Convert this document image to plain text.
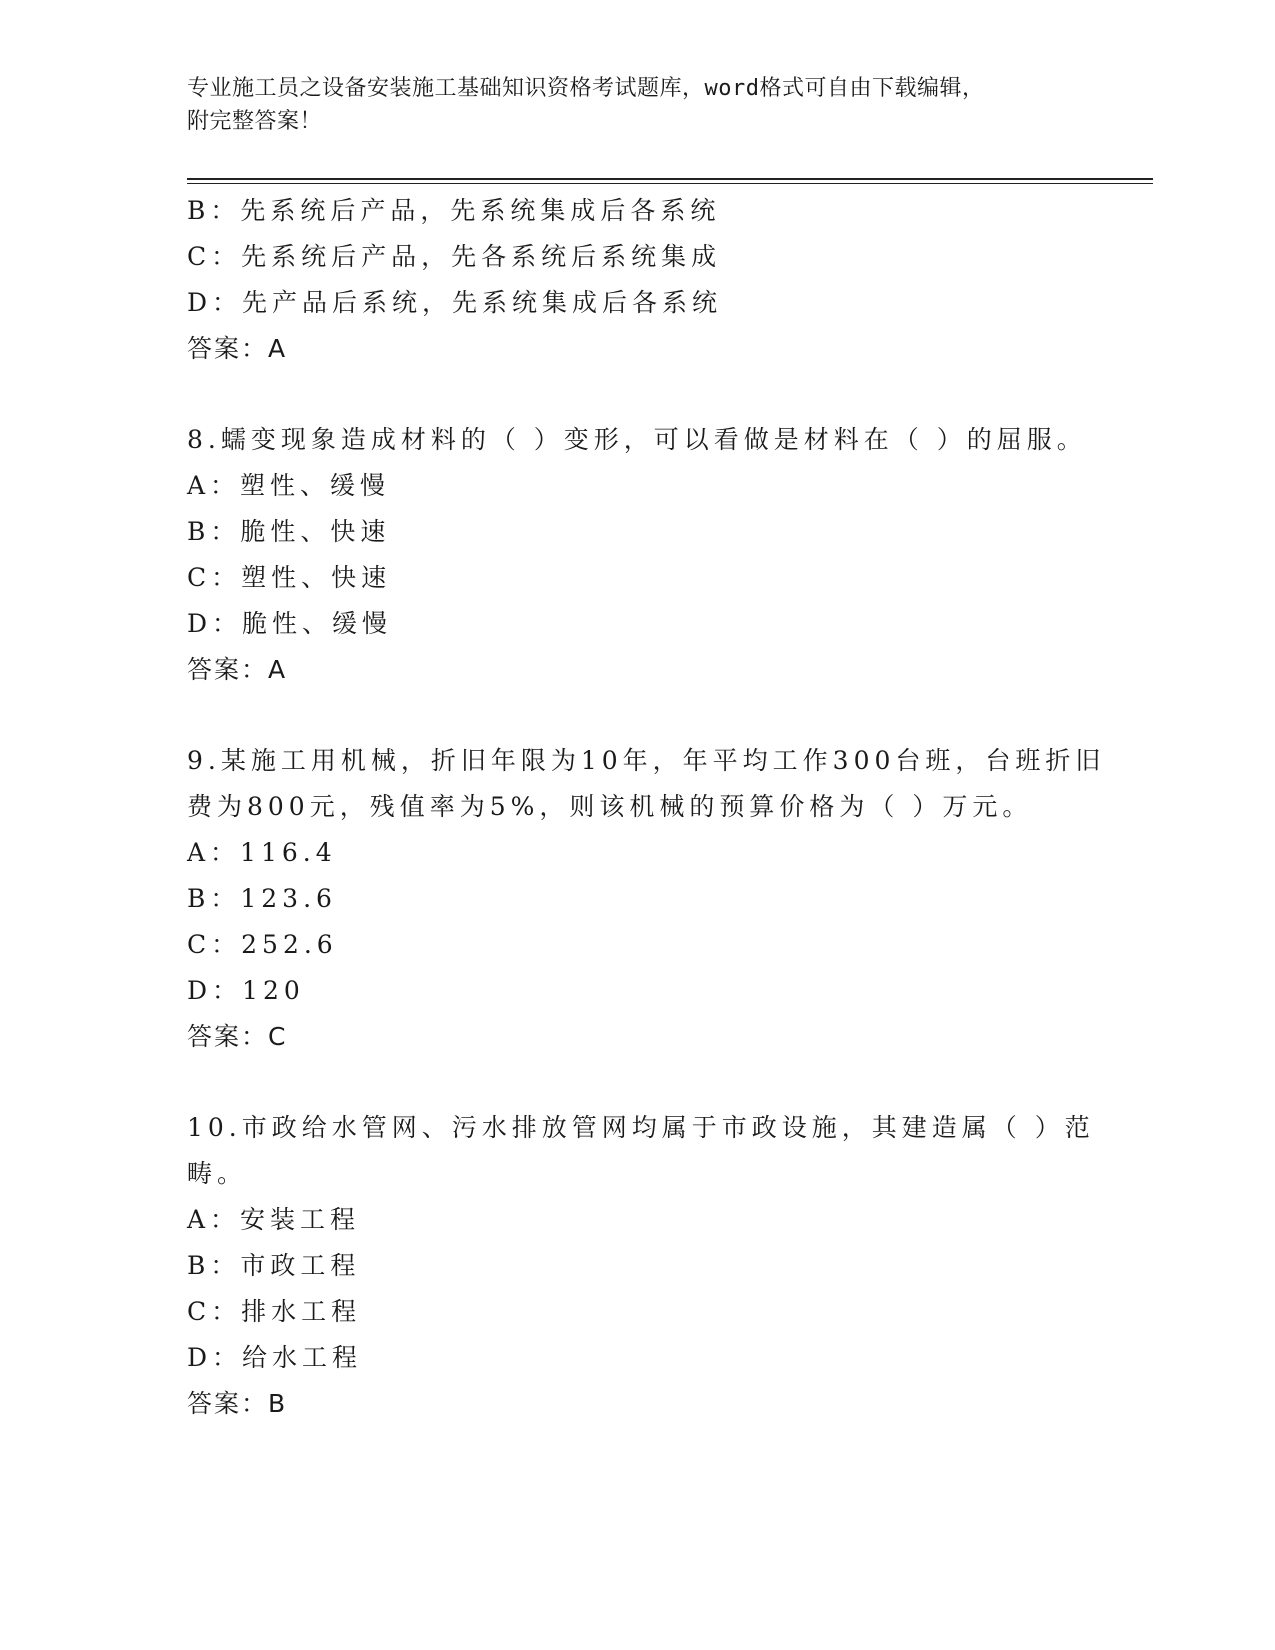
专业施工员之设备安装施工基础知识资格考试题库，word格式可自由下载编辑，
附完整答案！
B：先系统后产品，先系统集成后各系统
C：先系统后产品，先各系统后系统集成
D：先产品后系统，先系统集成后各系统
答案：A
8.蠕变现象造成材料的（ ）变形，可以看做是材料在（ ）的屈服。
A：塑性、缓慢
B：脆性、快速
C：塑性、快速
D：脆性、缓慢
答案：A
9.某施工用机械，折旧年限为10年，年平均工作300台班，台班折旧
费为800元，残值率为5%，则该机械的预算价格为（ ）万元。
A：116.4
B：123.6
C：252.6
D：120
答案：C
10.市政给水管网、污水排放管网均属于市政设施，其建造属（ ）范
畴。
A：安装工程
B：市政工程
C：排水工程
D：给水工程
答案：B
